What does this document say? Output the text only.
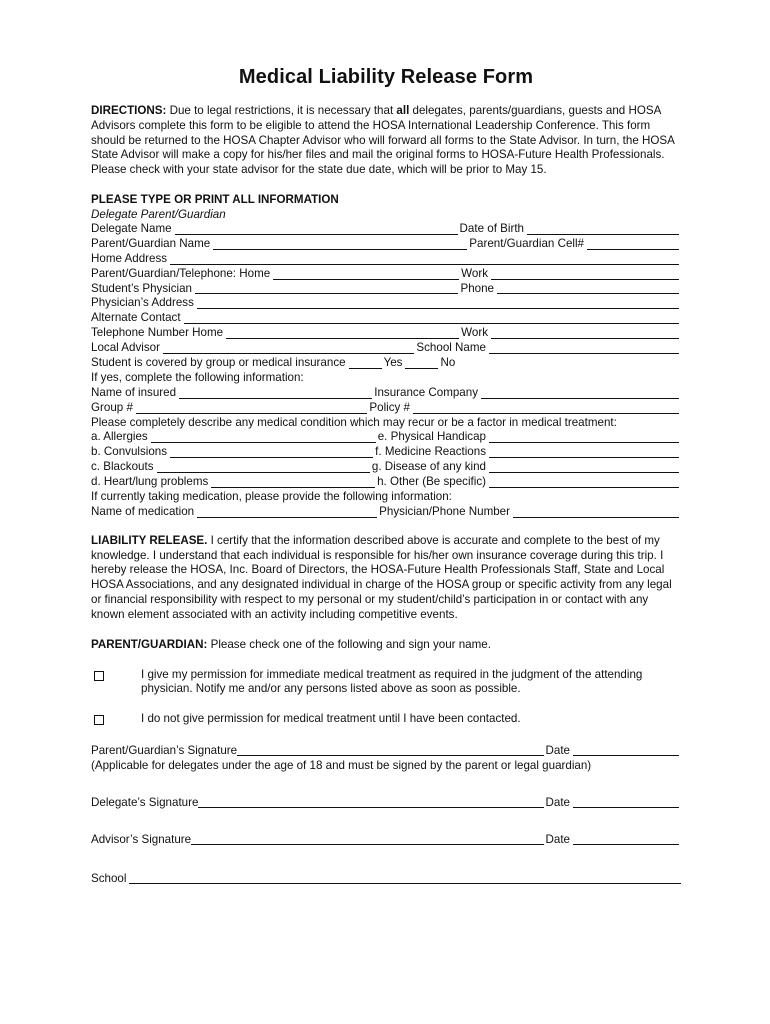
Medical Liability Release Form

DIRECTIONS: Due to legal restrictions, it is necessary that all delegates, parents/guardians, guests and HOSA Advisors complete this form to be eligible to attend the HOSA International Leadership Conference. This form should be returned to the HOSA Chapter Advisor who will forward all forms to the State Advisor. In turn, the HOSA State Advisor will make a copy for his/her files and mail the original forms to HOSA-Future Health Professionals. Please check with your state advisor for the state due date, which will be prior to May 15.

PLEASE TYPE OR PRINT ALL INFORMATION
Delegate Parent/Guardian
Delegate Name	Date of Birth
Parent/Guardian Name	Parent/Guardian Cell#
Home Address
Parent/Guardian/Telephone: Home	Work
Student’s Physician	Phone
Physician’s Address
Alternate Contact
Telephone Number Home	Work
Local Advisor	School Name
Student is covered by group or medical insurance	Yes	No
If yes, complete the following information:
Name of insured	Insurance Company
Group #	Policy #
Please completely describe any medical condition which may recur or be a factor in medical treatment:
a. Allergies	e. Physical Handicap
b. Convulsions	f. Medicine Reactions
c. Blackouts	g. Disease of any kind
d. Heart/lung problems	h. Other (Be specific)
If currently taking medication, please provide the following information:
Name of medication	Physician/Phone Number

LIABILITY RELEASE. I certify that the information described above is accurate and complete to the best of my knowledge. I understand that each individual is responsible for his/her own insurance coverage during this trip. I hereby release the HOSA, Inc. Board of Directors, the HOSA-Future Health Professionals Staff, State and Local HOSA Associations, and any designated individual in charge of the HOSA group or specific activity from any legal or financial responsibility with respect to my personal or my student/child’s participation in or contact with any known element associated with an activity including competitive events.

PARENT/GUARDIAN: Please check one of the following and sign your name.

I give my permission for immediate medical treatment as required in the judgment of the attending physician. Notify me and/or any persons listed above as soon as possible.
I do not give permission for medical treatment until I have been contacted.
Parent/Guardian’s Signature	Date
(Applicable for delegates under the age of 18 and must be signed by the parent or legal guardian)
Delegate’s Signature	Date
Advisor’s Signature	Date
School
